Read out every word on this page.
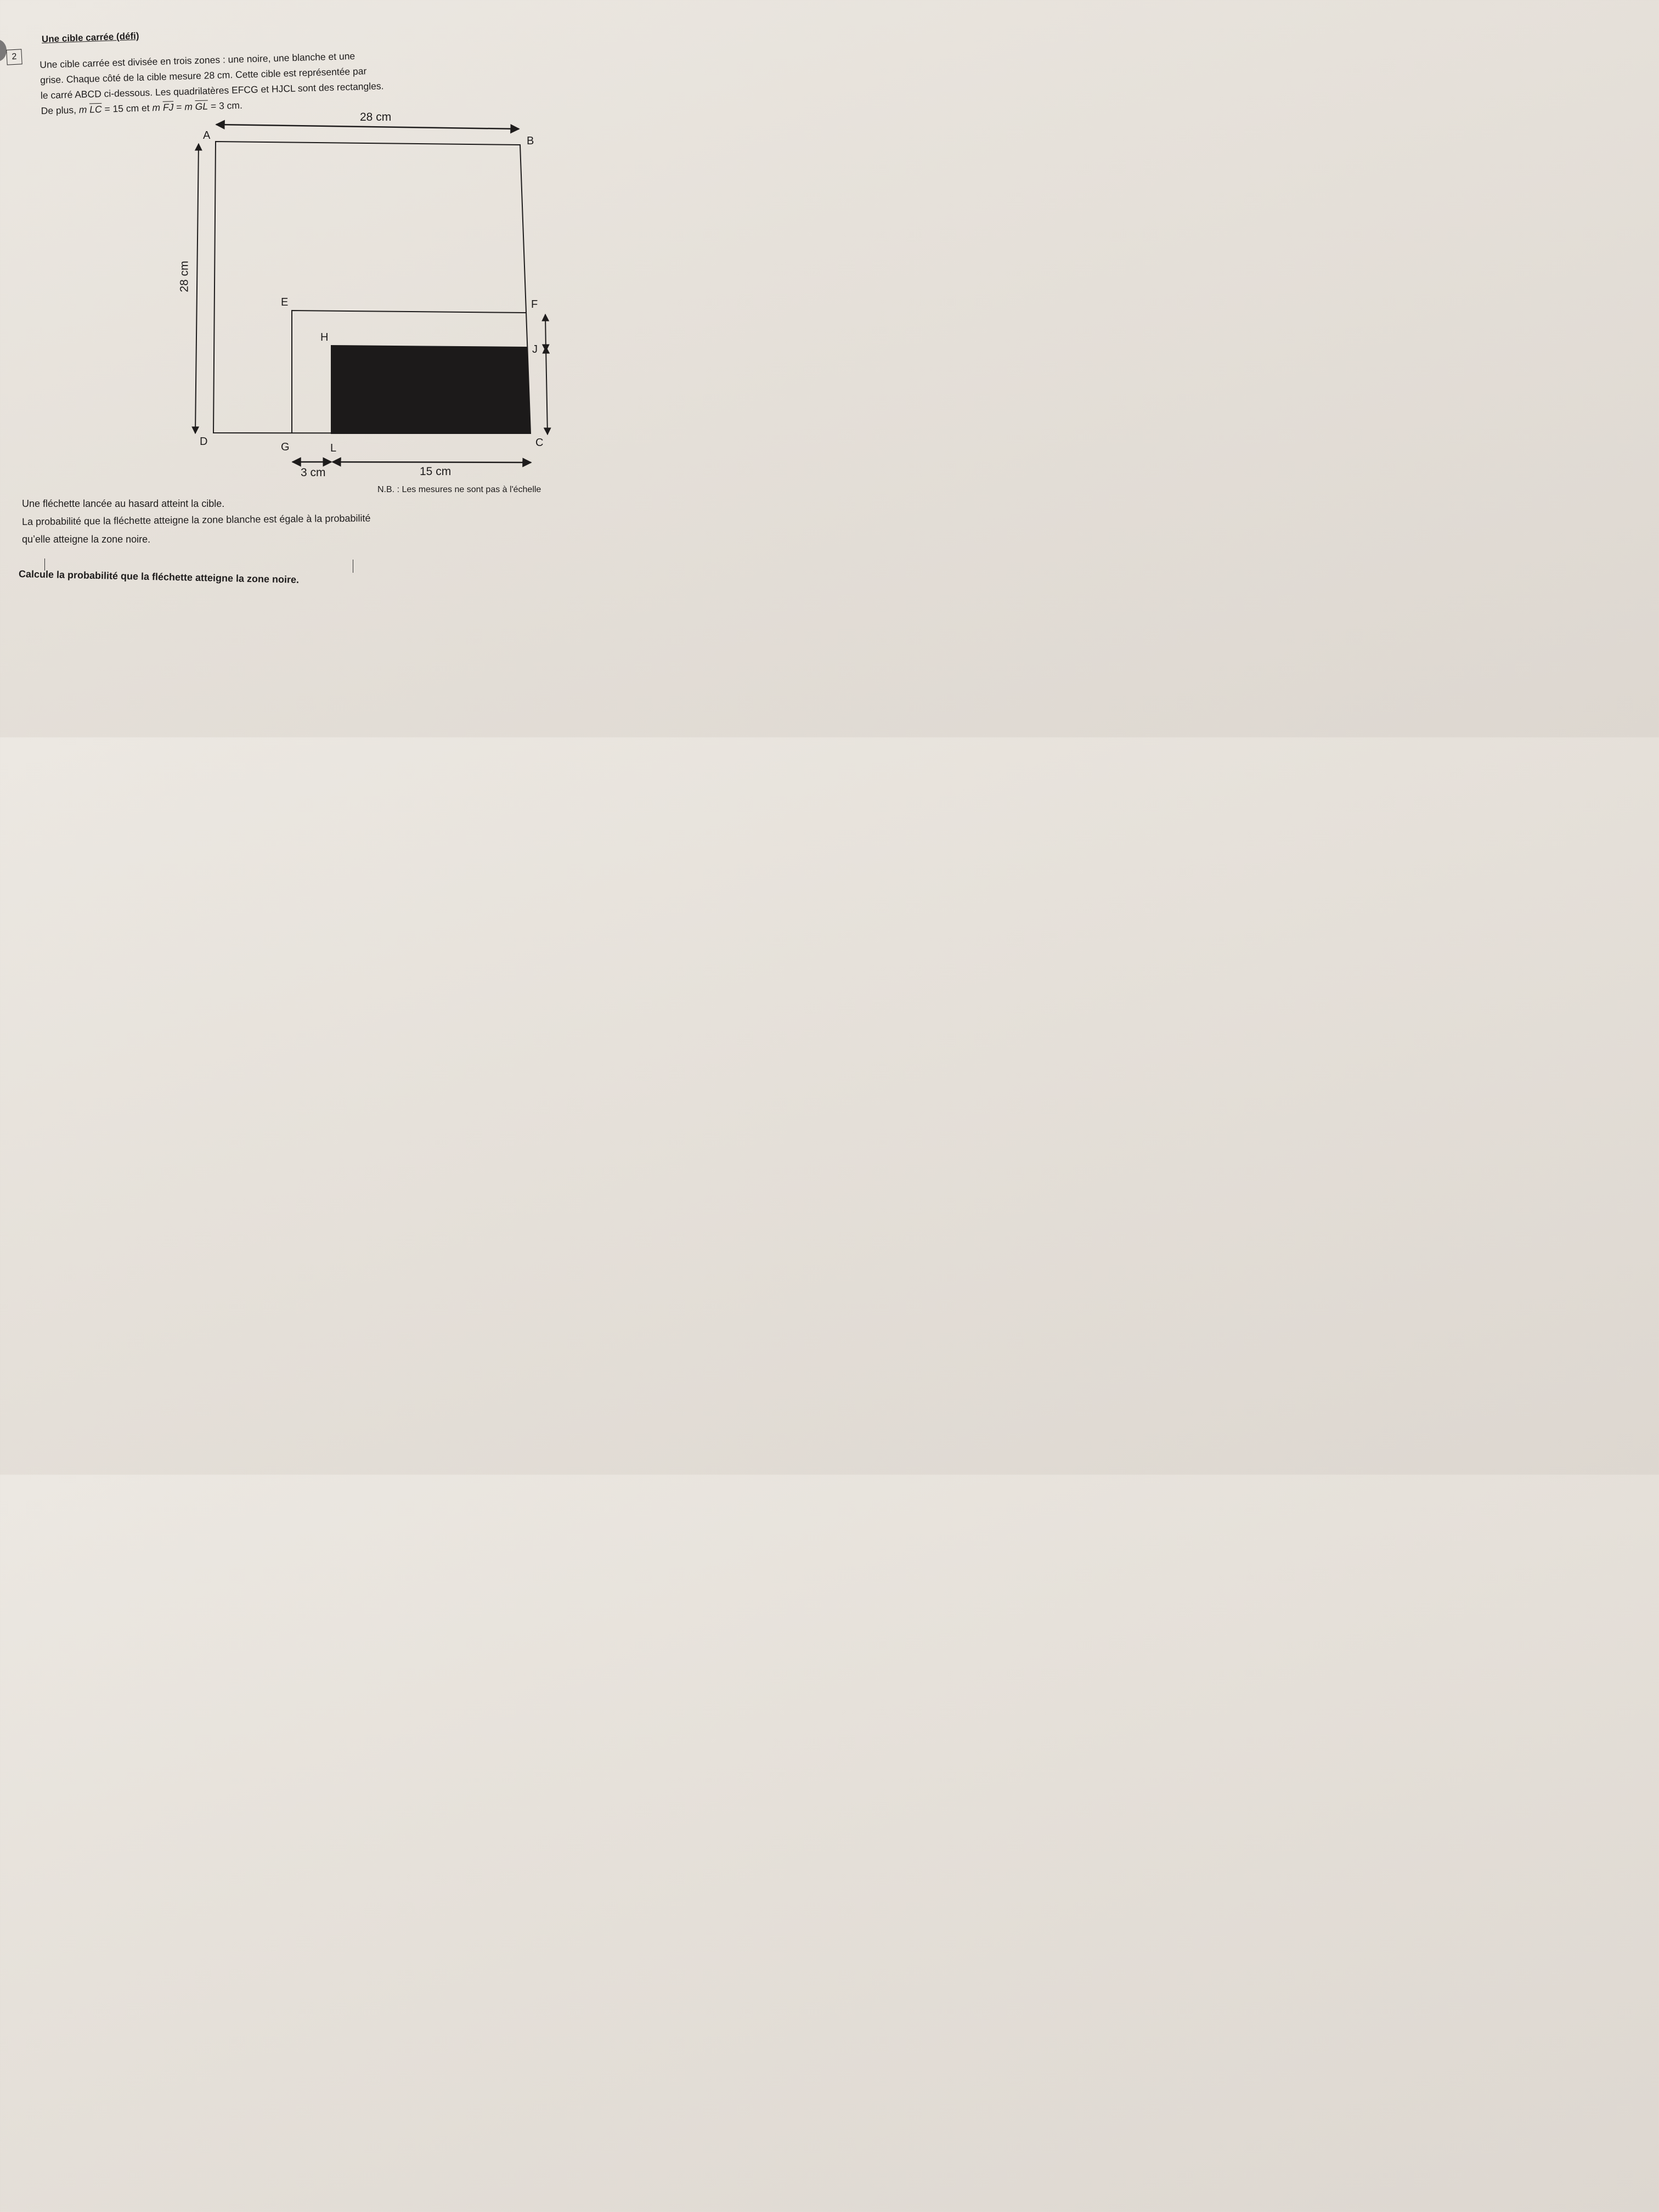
2
Une cible carrée (défi)

Une cible carrée est divisée en trois zones : une noire, une blanche et une

grise. Chaque côté de la cible mesure 28 cm. Cette cible est représentée par

le carré ABCD ci-dessous. Les quadrilatères EFCG et HJCL sont des rectangles.

De plus, m $\overline{LC} = 15$ cm et m $\overline{FJ} = m$ $\overline{GL} = 3$ cm.

A	B
C
D
E	F
G
H
J
L
28 cm
28 cm
3 cm	15 cm
N.B. : Les mesures ne sont pas à l'échelle
Une fléchette lancée au hasard atteint la cible.
La probabilité que la fléchette atteigne la zone blanche est égale à la probabilité
qu’elle atteigne la zone noire.
Calcule la probabilité que la fléchette atteigne la zone noire.
